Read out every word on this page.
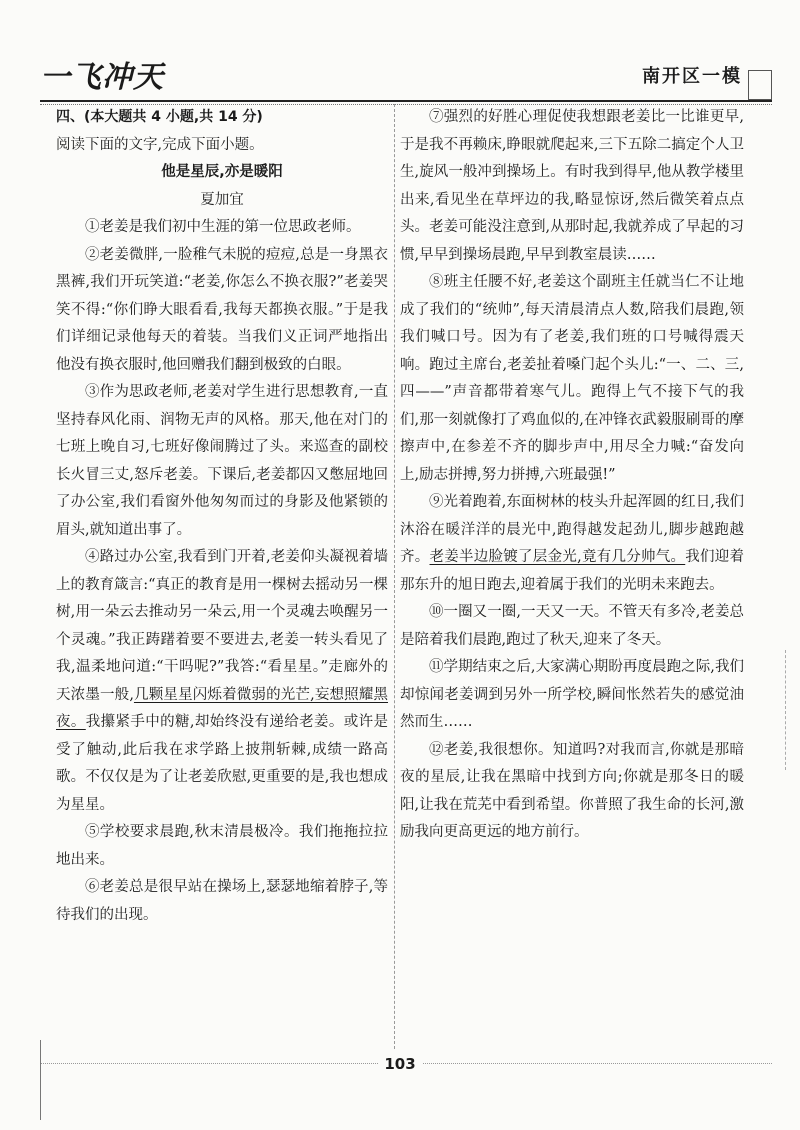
一飞冲天	南开区一模

四、(本大题共 4 小题,共 14 分)

阅读下面的文字,完成下面小题。

他是星辰,亦是暖阳

夏加宜

①老姜是我们初中生涯的第一位思政老师。

②老姜微胖,一脸稚气未脱的痘痘,总是一身黑衣黑裤,我们开玩笑道:“老姜,你怎么不换衣服?”老姜哭笑不得:“你们睁大眼看看,我每天都换衣服。”于是我们详细记录他每天的着装。当我们义正词严地指出他没有换衣服时,他回赠我们翻到极致的白眼。

③作为思政老师,老姜对学生进行思想教育,一直坚持春风化雨、润物无声的风格。那天,他在对门的七班上晚自习,七班好像闹腾过了头。来巡查的副校长火冒三丈,怒斥老姜。下课后,老姜都囚又憋屈地回了办公室,我们看窗外他匆匆而过的身影及他紧锁的眉头,就知道出事了。

④路过办公室,我看到门开着,老姜仰头凝视着墙上的教育箴言:“真正的教育是用一棵树去摇动另一棵树,用一朵云去推动另一朵云,用一个灵魂去唤醒另一个灵魂。”我正踌躇着要不要进去,老姜一转头看见了我,温柔地问道:“干吗呢?”我答:“看星星。”走廊外的天浓墨一般,几颗星星闪烁着微弱的光芒,妄想照耀黑夜。我攥紧手中的糖,却始终没有递给老姜。或许是受了触动,此后我在求学路上披荆斩棘,成绩一路高歌。不仅仅是为了让老姜欣慰,更重要的是,我也想成为星星。

⑤学校要求晨跑,秋末清晨极冷。我们拖拖拉拉地出来。

⑥老姜总是很早站在操场上,瑟瑟地缩着脖子,等待我们的出现。

⑦强烈的好胜心理促使我想跟老姜比一比谁更早,于是我不再赖床,睁眼就爬起来,三下五除二搞定个人卫生,旋风一般冲到操场上。有时我到得早,他从教学楼里出来,看见坐在草坪边的我,略显惊讶,然后微笑着点点头。老姜可能没注意到,从那时起,我就养成了早起的习惯,早早到操场晨跑,早早到教室晨读……

⑧班主任腰不好,老姜这个副班主任就当仁不让地成了我们的“统帅”,每天清晨清点人数,陪我们晨跑,领我们喊口号。因为有了老姜,我们班的口号喊得震天响。跑过主席台,老姜扯着嗓门起个头儿:“一、二、三,四——”声音都带着寒气儿。跑得上气不接下气的我们,那一刻就像打了鸡血似的,在冲锋衣武毅服刷哥的摩擦声中,在参差不齐的脚步声中,用尽全力喊:“奋发向上,励志拼搏,努力拼搏,六班最强!”

⑨光着跑着,东面树林的枝头升起浑圆的红日,我们沐浴在暖洋洋的晨光中,跑得越发起劲儿,脚步越跑越齐。老姜半边脸镀了层金光,竟有几分帅气。我们迎着那东升的旭日跑去,迎着属于我们的光明未来跑去。

⑩一圈又一圈,一天又一天。不管天有多冷,老姜总是陪着我们晨跑,跑过了秋天,迎来了冬天。

⑪学期结束之后,大家满心期盼再度晨跑之际,我们却惊闻老姜调到另外一所学校,瞬间怅然若失的感觉油然而生……

⑫老姜,我很想你。知道吗?对我而言,你就是那暗夜的星辰,让我在黑暗中找到方向;你就是那冬日的暖阳,让我在荒芜中看到希望。你普照了我生命的长河,激励我向更高更远的地方前行。

103
